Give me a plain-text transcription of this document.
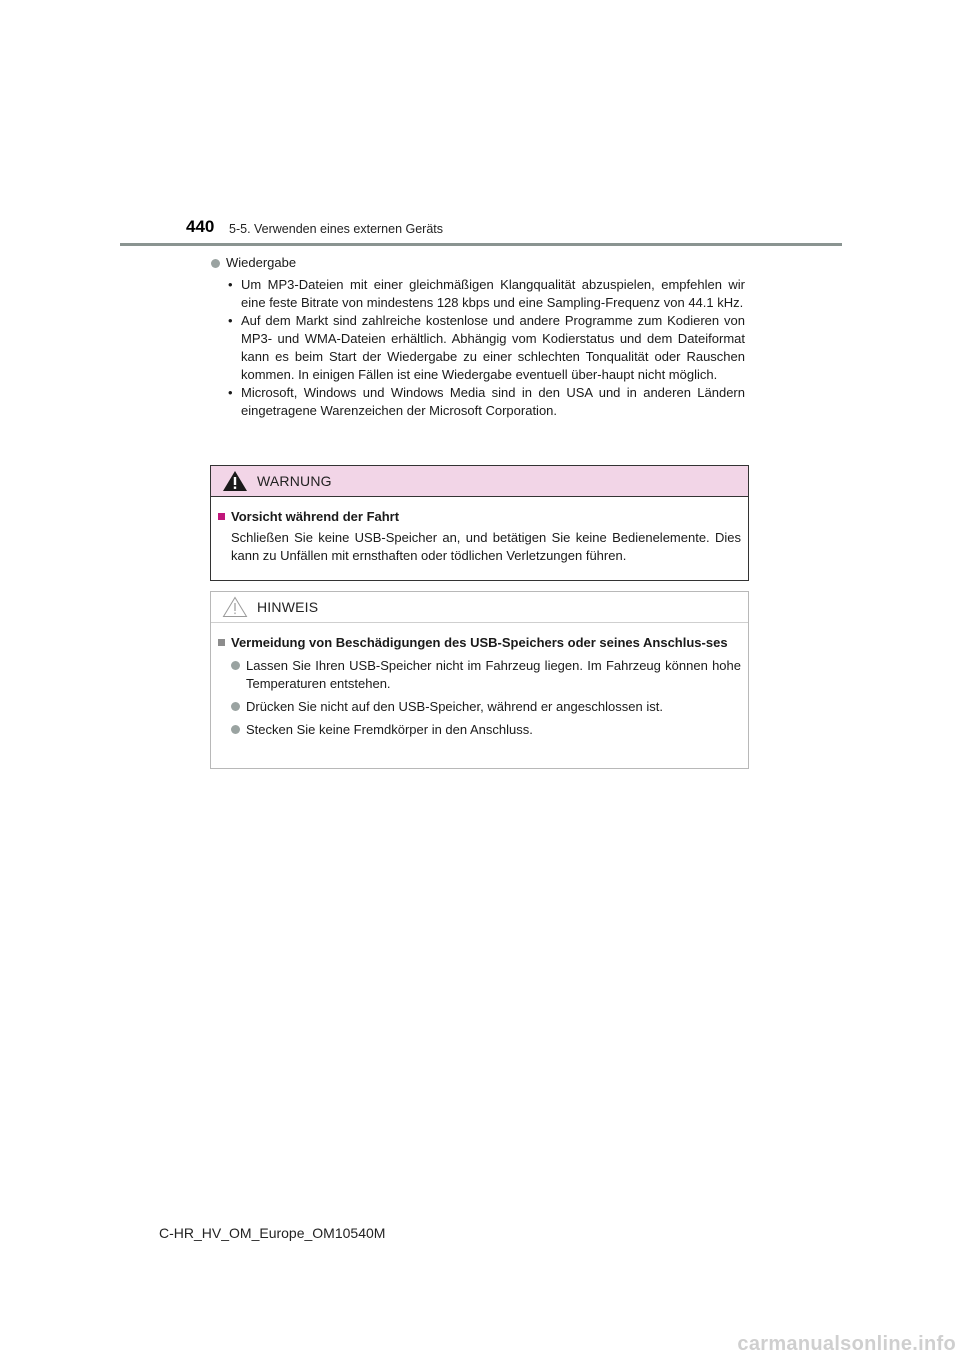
440 5-5. Verwenden eines externen Geräts
Wiedergabe
• Um MP3-Dateien mit einer gleichmäßigen Klangqualität abzuspielen, empfehlen wir eine feste Bitrate von mindestens 128 kbps und eine Sampling-Frequenz von 44.1 kHz.
• Auf dem Markt sind zahlreiche kostenlose und andere Programme zum Kodieren von MP3- und WMA-Dateien erhältlich. Abhängig vom Kodierstatus und dem Dateiformat kann es beim Start der Wiedergabe zu einer schlechten Tonqualität oder Rauschen kommen. In einigen Fällen ist eine Wiedergabe eventuell über-haupt nicht möglich.
• Microsoft, Windows und Windows Media sind in den USA und in anderen Ländern eingetragene Warenzeichen der Microsoft Corporation.
WARNUNG
Vorsicht während der Fahrt
Schließen Sie keine USB-Speicher an, und betätigen Sie keine Bedienelemente. Dies kann zu Unfällen mit ernsthaften oder tödlichen Verletzungen führen.
HINWEIS
Vermeidung von Beschädigungen des USB-Speichers oder seines Anschlus-ses
Lassen Sie Ihren USB-Speicher nicht im Fahrzeug liegen. Im Fahrzeug können hohe Temperaturen entstehen.
Drücken Sie nicht auf den USB-Speicher, während er angeschlossen ist.
Stecken Sie keine Fremdkörper in den Anschluss.
C-HR_HV_OM_Europe_OM10540M
carmanualsonline.info
